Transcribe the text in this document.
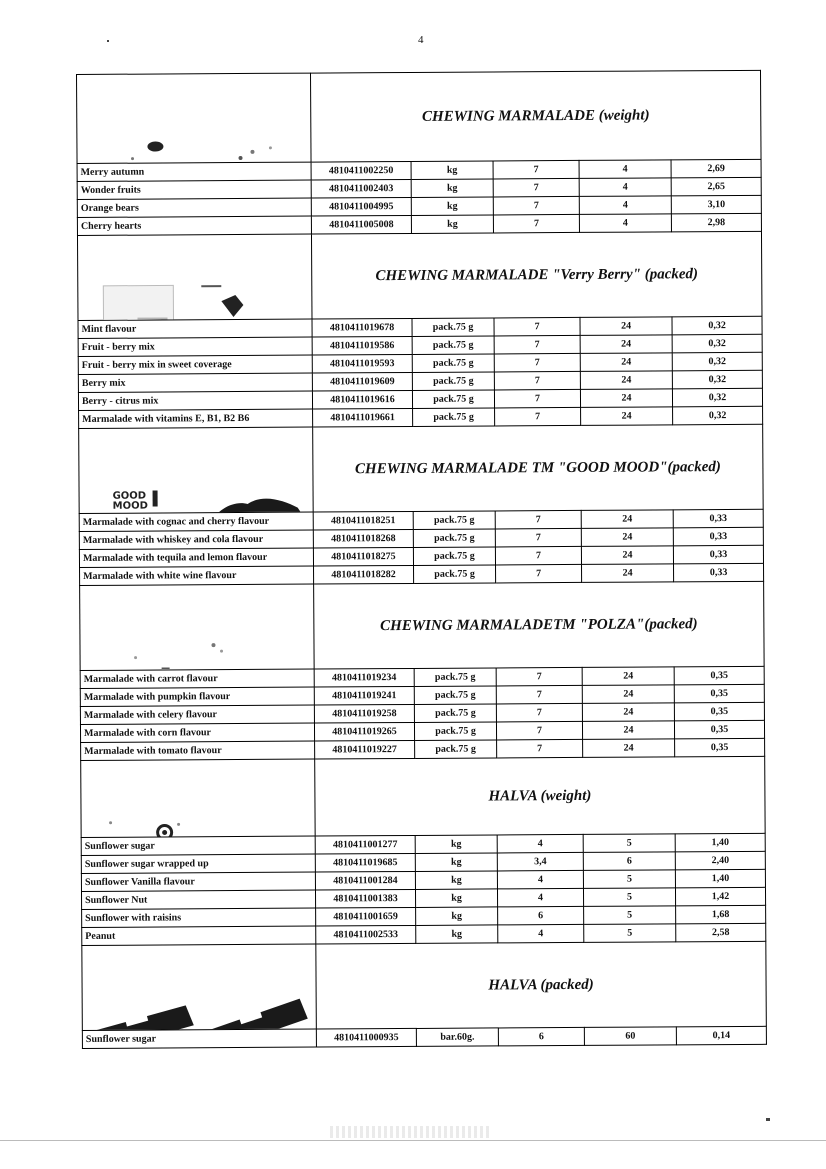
4
	CHEWING MARMALADE (weight)				
Merry autumn	4810411002250	kg	7	4	2,69
Wonder fruits	4810411002403	kg	7	4	2,65
Orange bears	4810411004995	kg	7	4	3,10
Cherry hearts	4810411005008	kg	7	4	2,98

	CHEWING MARMALADE "Verry Berry" (packed)				
Mint flavour	4810411019678	pack.75 g	7	24	0,32
Fruit - berry mix	4810411019586	pack.75 g	7	24	0,32
Fruit - berry mix in sweet coverage	4810411019593	pack.75 g	7	24	0,32
Berry mix	4810411019609	pack.75 g	7	24	0,32
Berry - citrus mix	4810411019616	pack.75 g	7	24	0,32
Marmalade with vitamins E, B1, B2 B6	4810411019661	pack.75 g	7	24	0,32

GOOD
MOOD	CHEWING MARMALADE TM "GOOD MOOD"(packed)				
Marmalade with cognac and cherry flavour	4810411018251	pack.75 g	7	24	0,33
Marmalade with whiskey and cola flavour	4810411018268	pack.75 g	7	24	0,33
Marmalade with tequila and lemon flavour	4810411018275	pack.75 g	7	24	0,33
Marmalade with white wine flavour	4810411018282	pack.75 g	7	24	0,33

	CHEWING MARMALADETM "POLZA"(packed)				
Marmalade with carrot flavour	4810411019234	pack.75 g	7	24	0,35
Marmalade with pumpkin flavour	4810411019241	pack.75 g	7	24	0,35
Marmalade with celery flavour	4810411019258	pack.75 g	7	24	0,35
Marmalade with corn flavour	4810411019265	pack.75 g	7	24	0,35
Marmalade with tomato flavour	4810411019227	pack.75 g	7	24	0,35

	HALVA (weight)				
Sunflower sugar	4810411001277	kg	4	5	1,40
Sunflower sugar wrapped up	4810411019685	kg	3,4	6	2,40
Sunflower Vanilla flavour	4810411001284	kg	4	5	1,40
Sunflower Nut	4810411001383	kg	4	5	1,42
Sunflower with raisins	4810411001659	kg	6	5	1,68
Peanut	4810411002533	kg	4	5	2,58

	HALVA (packed)				
Sunflower sugar	4810411000935	bar.60g.	6	60	0,14
